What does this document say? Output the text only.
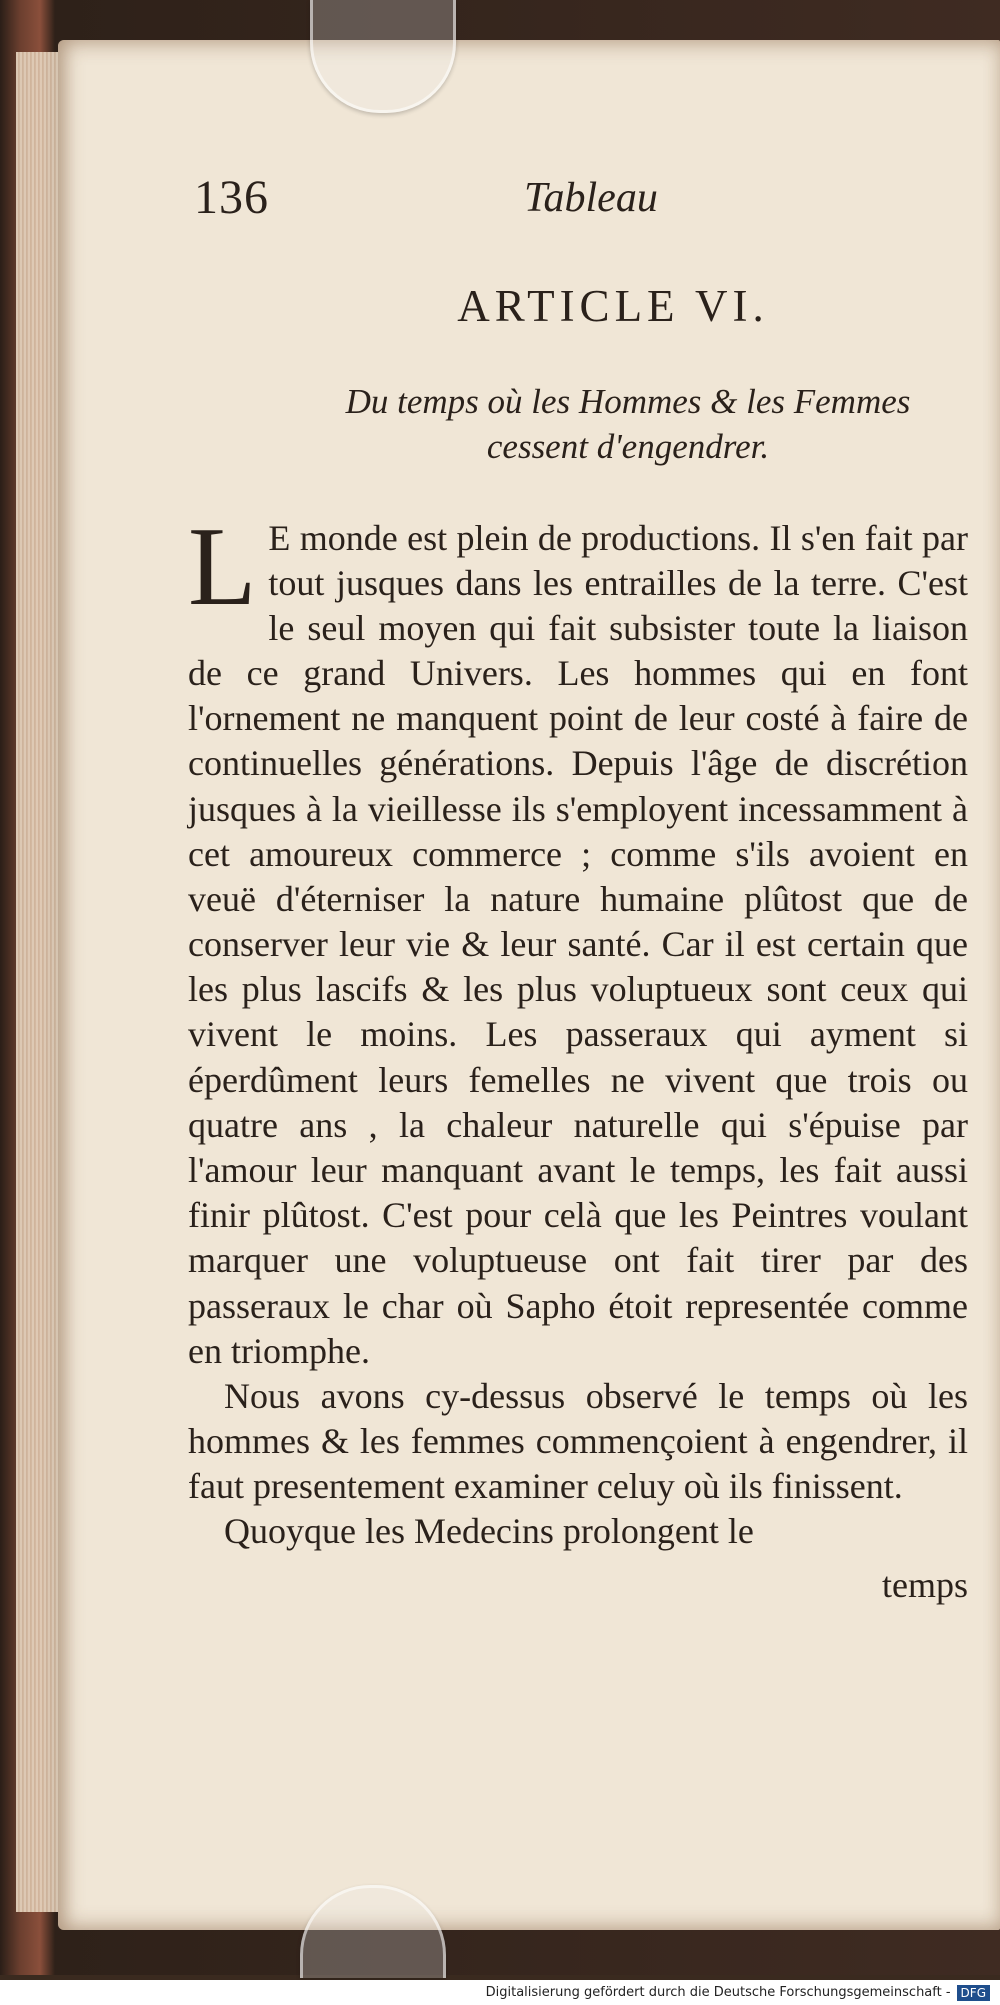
136	Tableau
ARTICLE VI.
Du temps où les Hommes & les Femmes
cessent d'engendrer.

L E monde est plein de productions. Il s'en fait par tout jusques dans les entrailles de la terre. C'est le seul moyen qui fait subsister toute la liaison de ce grand Univers. Les hommes qui en font l'ornement ne manquent point de leur costé à faire de continuelles générations. Depuis l'âge de discrétion jusques à la vieillesse ils s'employent incessamment à cet amoureux commerce ; comme s'ils avoient en veuë d'éterniser la nature humaine plûtost que de conserver leur vie & leur santé. Car il est certain que les plus lascifs & les plus voluptueux sont ceux qui vivent le moins. Les passeraux qui ayment si éperdûment leurs femelles ne vivent que trois ou quatre ans , la chaleur naturelle qui s'épuise par l'amour leur manquant avant le temps, les fait aussi finir plûtost. C'est pour celà que les Peintres voulant marquer une voluptueuse ont fait tirer par des passeraux le char où Sapho étoit representée comme en triomphe.

Nous avons cy-dessus observé le temps où les hommes & les femmes commençoient à engendrer, il faut presentement examiner celuy où ils finissent.

Quoyque les Medecins prolongent le

temps
Digitalisierung gefördert durch die Deutsche Forschungsgemeinschaft - DFG
